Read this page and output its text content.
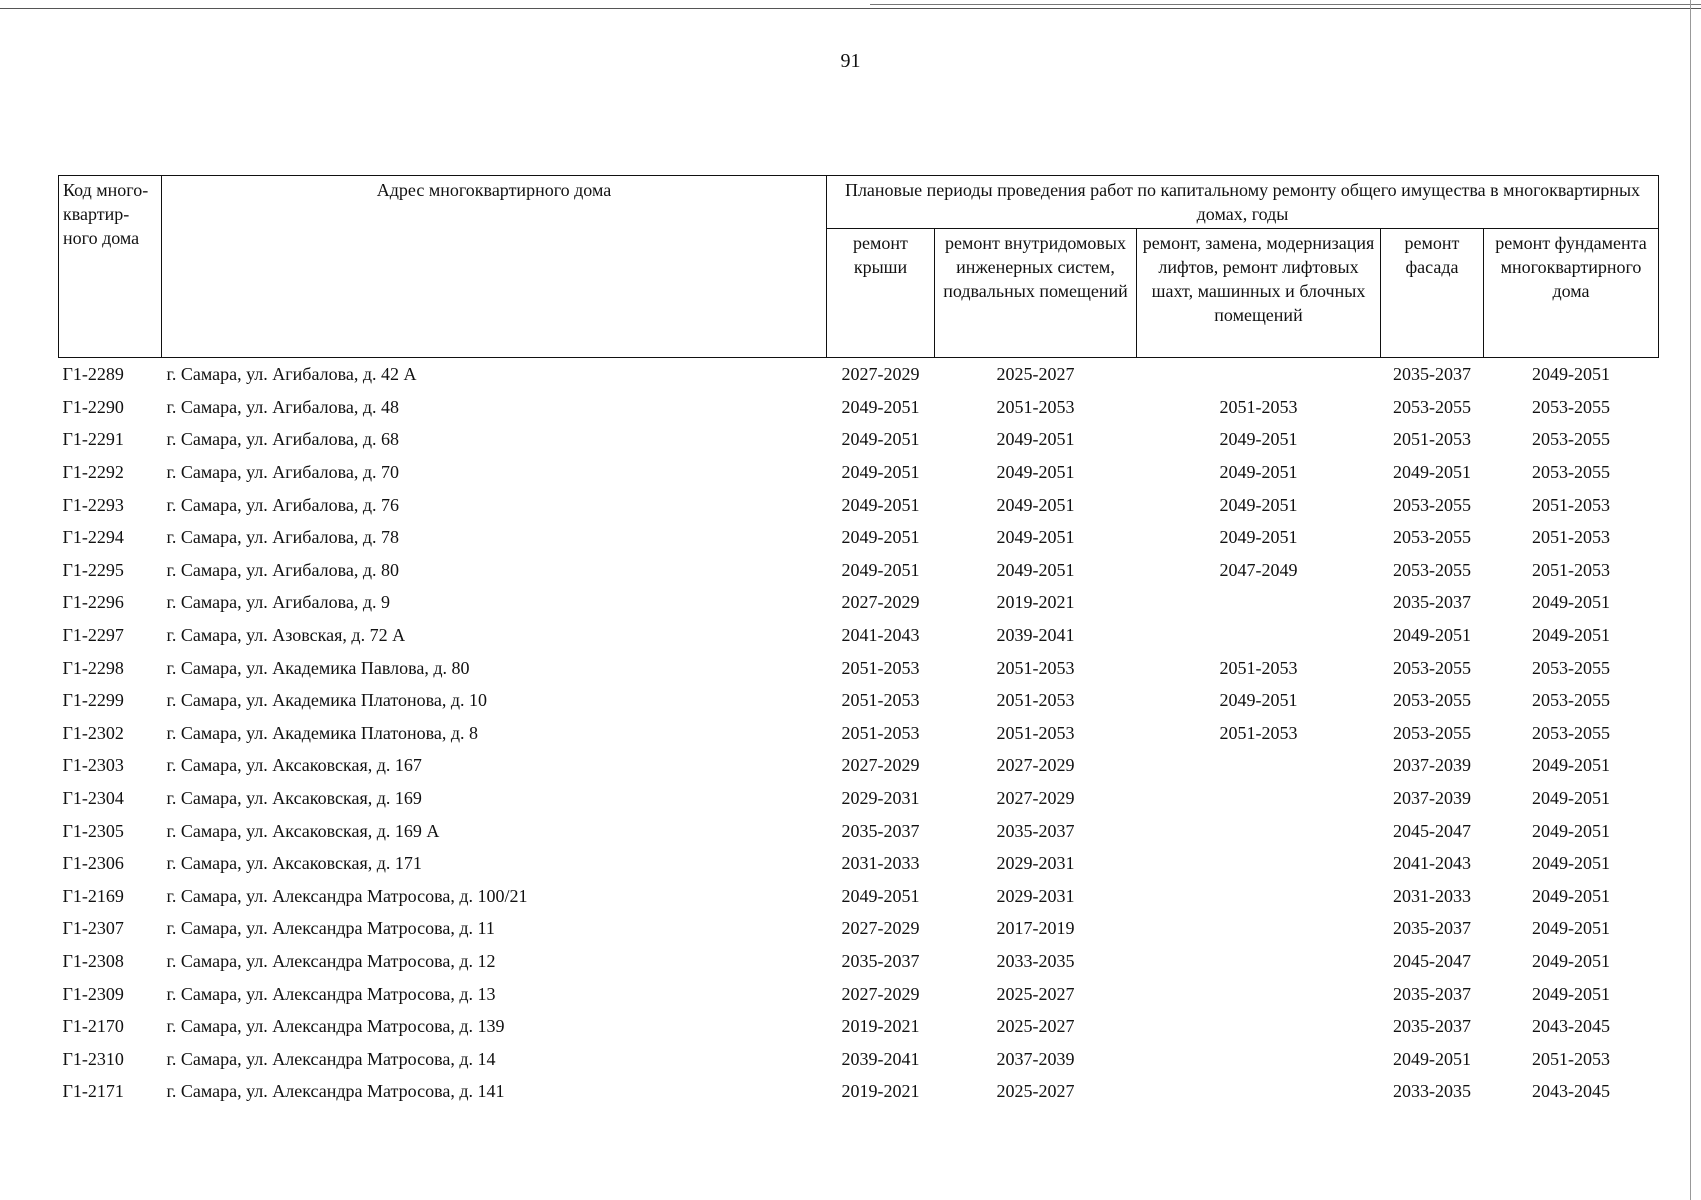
91
Код много-квартир-ного дома	Адрес многоквартирного дома	Плановые периоды проведения работ по капитальному ремонту общего имущества в многоквартирных домах, годы				
		ремонт крыши	ремонт внутридомовых инженерных систем, подвальных помещений	ремонт, замена, модернизация лифтов, ремонт лифтовых шахт, машинных и блочных помещений	ремонт фасада	ремонт фундамента многоквартирного дома
Г1-2289	г. Самара, ул. Агибалова, д. 42 А	2027-2029	2025-2027		2035-2037	2049-2051
Г1-2290	г. Самара, ул. Агибалова, д. 48	2049-2051	2051-2053	2051-2053	2053-2055	2053-2055
Г1-2291	г. Самара, ул. Агибалова, д. 68	2049-2051	2049-2051	2049-2051	2051-2053	2053-2055
Г1-2292	г. Самара, ул. Агибалова, д. 70	2049-2051	2049-2051	2049-2051	2049-2051	2053-2055
Г1-2293	г. Самара, ул. Агибалова, д. 76	2049-2051	2049-2051	2049-2051	2053-2055	2051-2053
Г1-2294	г. Самара, ул. Агибалова, д. 78	2049-2051	2049-2051	2049-2051	2053-2055	2051-2053
Г1-2295	г. Самара, ул. Агибалова, д. 80	2049-2051	2049-2051	2047-2049	2053-2055	2051-2053
Г1-2296	г. Самара, ул. Агибалова, д. 9	2027-2029	2019-2021		2035-2037	2049-2051
Г1-2297	г. Самара, ул. Азовская, д. 72 А	2041-2043	2039-2041		2049-2051	2049-2051
Г1-2298	г. Самара, ул. Академика Павлова, д. 80	2051-2053	2051-2053	2051-2053	2053-2055	2053-2055
Г1-2299	г. Самара, ул. Академика Платонова, д. 10	2051-2053	2051-2053	2049-2051	2053-2055	2053-2055
Г1-2302	г. Самара, ул. Академика Платонова, д. 8	2051-2053	2051-2053	2051-2053	2053-2055	2053-2055
Г1-2303	г. Самара, ул. Аксаковская, д. 167	2027-2029	2027-2029		2037-2039	2049-2051
Г1-2304	г. Самара, ул. Аксаковская, д. 169	2029-2031	2027-2029		2037-2039	2049-2051
Г1-2305	г. Самара, ул. Аксаковская, д. 169 А	2035-2037	2035-2037		2045-2047	2049-2051
Г1-2306	г. Самара, ул. Аксаковская, д. 171	2031-2033	2029-2031		2041-2043	2049-2051
Г1-2169	г. Самара, ул. Александра Матросова, д. 100/21	2049-2051	2029-2031		2031-2033	2049-2051
Г1-2307	г. Самара, ул. Александра Матросова, д. 11	2027-2029	2017-2019		2035-2037	2049-2051
Г1-2308	г. Самара, ул. Александра Матросова, д. 12	2035-2037	2033-2035		2045-2047	2049-2051
Г1-2309	г. Самара, ул. Александра Матросова, д. 13	2027-2029	2025-2027		2035-2037	2049-2051
Г1-2170	г. Самара, ул. Александра Матросова, д. 139	2019-2021	2025-2027		2035-2037	2043-2045
Г1-2310	г. Самара, ул. Александра Матросова, д. 14	2039-2041	2037-2039		2049-2051	2051-2053
Г1-2171	г. Самара, ул. Александра Матросова, д. 141	2019-2021	2025-2027		2033-2035	2043-2045
